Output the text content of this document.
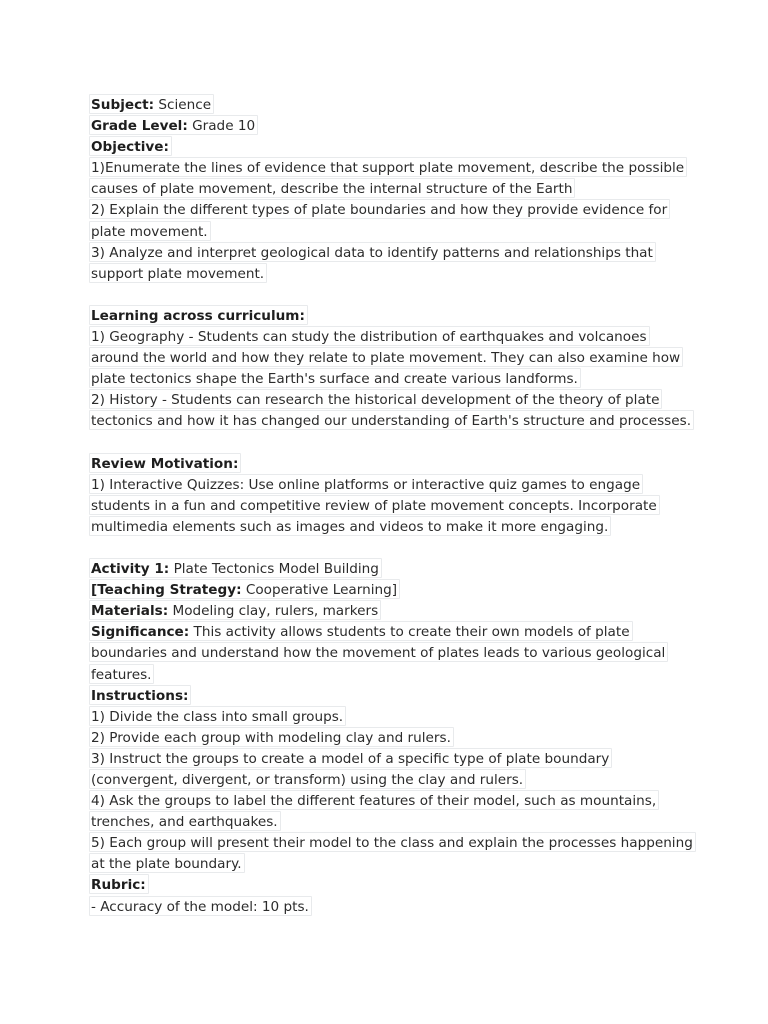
Subject: Science
Grade Level: Grade 10
Objective:
1)Enumerate the lines of evidence that support plate movement, describe the possible
causes of plate movement, describe the internal structure of the Earth
2) Explain the different types of plate boundaries and how they provide evidence for
plate movement.
3) Analyze and interpret geological data to identify patterns and relationships that
support plate movement.
Learning across curriculum:
1) Geography - Students can study the distribution of earthquakes and volcanoes
around the world and how they relate to plate movement. They can also examine how
plate tectonics shape the Earth's surface and create various landforms.
2) History - Students can research the historical development of the theory of plate
tectonics and how it has changed our understanding of Earth's structure and processes.
Review Motivation:
1) Interactive Quizzes: Use online platforms or interactive quiz games to engage
students in a fun and competitive review of plate movement concepts. Incorporate
multimedia elements such as images and videos to make it more engaging.
Activity 1: Plate Tectonics Model Building
[Teaching Strategy: Cooperative Learning]
Materials: Modeling clay, rulers, markers
Significance: This activity allows students to create their own models of plate
boundaries and understand how the movement of plates leads to various geological
features.
Instructions:
1) Divide the class into small groups.
2) Provide each group with modeling clay and rulers.
3) Instruct the groups to create a model of a specific type of plate boundary
(convergent, divergent, or transform) using the clay and rulers.
4) Ask the groups to label the different features of their model, such as mountains,
trenches, and earthquakes.
5) Each group will present their model to the class and explain the processes happening
at the plate boundary.
Rubric:
- Accuracy of the model: 10 pts.
